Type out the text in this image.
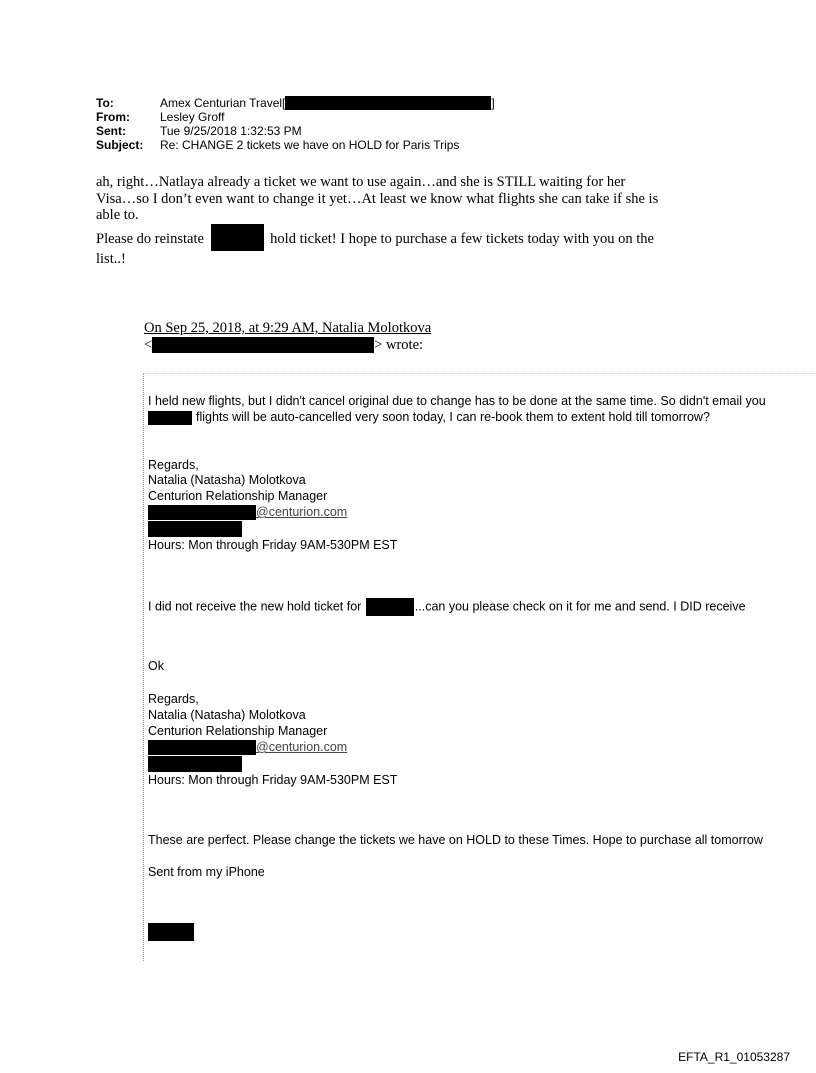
To:	Amex Centurian Travel[	]
From:	Lesley Groff
Sent:	Tue 9/25/2018 1:32:53 PM
Subject:	Re: CHANGE 2 tickets we have on HOLD for Paris Trips

ah, right…Natlaya already a ticket we want to use again…and she is STILL waiting for her

Visa…so I don’t even want to change it yet…At least we know what flights she can take if she is

able to.

Please do reinstate	hold ticket! I hope to purchase a few tickets today with you on the

list..!

On Sep 25, 2018, at 9:29 AM, Natalia Molotkova
<	> wrote:
I held new flights, but I didn't cancel original due to change has to be done at the same time. So didn't email you
flights will be auto-cancelled very soon today, I can re-book them to extent hold till tomorrow?
Regards,
Natalia (Natasha) Molotkova
Centurion Relationship Manager
@centurion.com
Hours: Mon through Friday 9AM-530PM EST
I did not receive the new hold ticket for	...can you please check on it for me and send. I DID receive
Ok
Regards,
Natalia (Natasha) Molotkova
Centurion Relationship Manager
@centurion.com
Hours: Mon through Friday 9AM-530PM EST
These are perfect. Please change the tickets we have on HOLD to these Times. Hope to purchase all tomorrow
Sent from my iPhone
EFTA_R1_01053287
